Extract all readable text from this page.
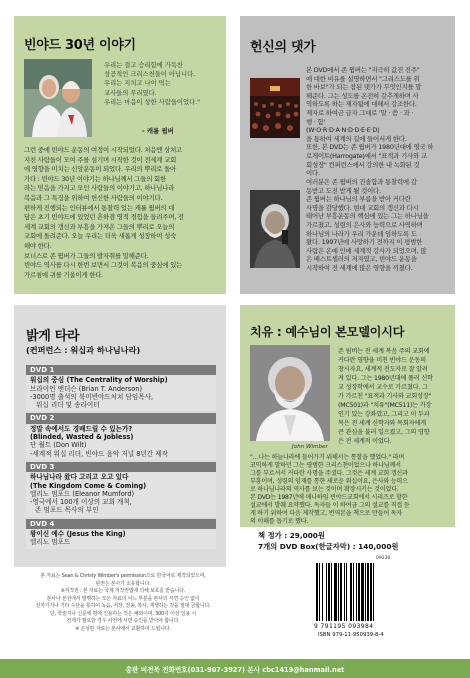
빈야드 30년 이야기
우리는 결고 승리함에 가득찬
성공적인 크리스천들이 아닙니다.
우리는 지치고 나이 먹는
교사들의 무리였다.
우리는 마음이 상한 사람들이었다."
- 캐롤 윔버
그런 중에 빈야드 운동의 여정이 시작되었다. 처음엔 상처고
지친 사람들이 모여 주를 섬기며 시작한 것이 전세계 교회
에 영향을 미치는 신앙운동이 되었다. 우리의 뿌리로 돌아
가다 : 빈야드 30년 이야기는 하나님께서 그들의 회한
라는 믿음을 가지고 모인 사람들의 이야기고, 하나님나라
복음과 그 특징을 위하여 헌신한 사람들의 이야기다.
편하게 진행되는 인터뷰에서 통찰력 있는 캐롤 윔버의 대
담은 초기 빈야드에 있었던 흔하겸 영적 경험을 들려주며, 전
세계 교회의 갱신과 부흥을 가져온 그들의 뿌리로 오늘의
교회에 돌려준다. 오늘 우리는 더욱 새롭게 성장하여 성숙
해야 한다.
보너스로 존 윔버가 그들의 발자취를 말해준다.
빈야드 역사를 다시 한번 보면서 그것이 복음의 중심에 있는
가르침에 귀를 기울이게 한다.
헌신의 댓가
본 DVD에서 존 윔버는 "지극히 값진 진주"
에 대한 비유를 설명하면서 "그리스도를 위
한 바보"가 되는 참된 댓가가 무엇인지를 말
해준다. 그는 성도를 온전히 갖추게하며 사
역하도록 하는 제자됨에 대해서 강조한다.
제자로 하여금 금자 그대로 '말 · 씀 · 과 ·
행 · 함'
(W·O·R·D·A·N·D·D·E·E·D)
을 통하여 세계의 길에 들어서게 한다.
또한, 본 DVD는 존 윔버가 1980년대에 영국 하
로게이트(Harrogate)에서 "표적과 기사와 교
회성장" 컨퍼런스에서 강의한 내 녹화된 것
이다.
여러분은 존 윔버의 진솔함과 통찰력에 감
동받고 도전 받게 될 것이다.
존 윔버는 하나님의 부름을 받아 커다란
사명을 감당했다. 현대 교회의 갱신과 다시
태어난 부흥운동의 핵심에 있는 그는 하나님을
가르쳤고, 성령의 은사와 능력으로 사역하며
하나님의 나라가 우리 가운데 임하도록 도
왔다. 1997년에 사망하기 전까지 이 평범한
사람은 온에 인에 세계적 강사가 되었으며, 많
은 베스트셀러의 저자였고, 빈야드 운동을
시작하여 전 세계에 많은 영향을 끼쳤다.
밝게 타라
(컨퍼런스 : 워십과 하나님나라)
DVD 1
워십의 중심 (The Centrality of Worship)
브라이언 앤더슨 (Brian T. Anderson)
-3000명 출석의 북미빈야드처치 담임목사,
워십 리더 및 송라이터
DVD 2
정말 속에서도 경배드릴 수 있는가?
(Blinded, Wasted & Jobless)
단 윌트 (Don Wilt)
-세계적 워십 리더, 빈야드 음악 저널 8년간 제작
DVD 3
하나님나라 왔다 고리고 오고 있다
(The Kingdom Come & Coming)
엘리노 멈포드 (Eleanor Mumford)
-영국에서 100개 이상의 교회 개척,
존 멈포드 목사의 부인
DVD 4
왕이신 예수 (Jesus the King)
엘리노 멈포드
치유 : 예수님이 본모델이시다
John Wimber
존 윔버는 전 세계 복음 주의 교회에
커다란 영향을 미친 빈야드 운동의
창시자요, 세계적 전도자로 잘 알려
져 있다. 그는 1980년대에 풀러 신학
교 성장학에서 교수로 가르쳤다. 그
가 가르친 "표적과 기사와 교회성장"
(MC501)과 "치유"(MC511)는 가장
인기 있는 강좌였고, 그리고 이 두과
목은 전 세계 신학자와 목회자에게
큰 관심을 불러 일으켰고, 그의 영향
은 전 세계적 이었다.
"…나는 하늘나라에 들어가기 위해서는 통찰을 했었다." 라며
코믹하게 말하던 그는 평범한 크리스천이었으나 하나님께서
그를 부르셔서 커다란 사명을 주셨다. 그것은 세계 교회 갱신과
부흥이며, 성령의 임재를 통한 새로운 워십이요, 은사와 능력으
로 하나님나라의 역사를 보는 것이며 확장시키는 것이었다.
본 DVD는 1987년에 애나하임 빈야드교회에서 시리즈로 할한
설교에서 발췌 요약했다. 독자들 이 하여금 그의 설교를 직접 듣
게 하기 위하여 다음 제작했고, 번역본을 책으로 만들어 독자
의 이해를 돕기로 했다.
본 자료는 Sean & Christy Wimber's permission으로 한국어로 제작되었으며,
판권은 본사가 소유합니다.
※저작권 : 본 자료는 국제 저작권법에 의해 보호를 받습니다.
본사나 본원에서 발행하는 모든 자료의 어느 부분을 본사의 서면 승인 없이
전자기기나 기타 수단을 통하여 녹음, 저장, 전송, 복사, 재생하는 것을 절대 금합니다.
단, 학술지나 신문에 평에 인용하는 것은 예외이며, 300자 이상 인용 시
전제가 필요한 경우 사전에 서면 승인을 받아야 합니다.
※ 손상된 자료는 본사에서 교환하여 드립니다.
책 정가 : 29,000원
7개의 DVD Box(한글자막) : 140,000원
09230
9 791195 093984
ISBN 979-11-950939-8-4
총판 비전북 전화번호(031-907-3927) 본사 cbc1419@hanmail.net
